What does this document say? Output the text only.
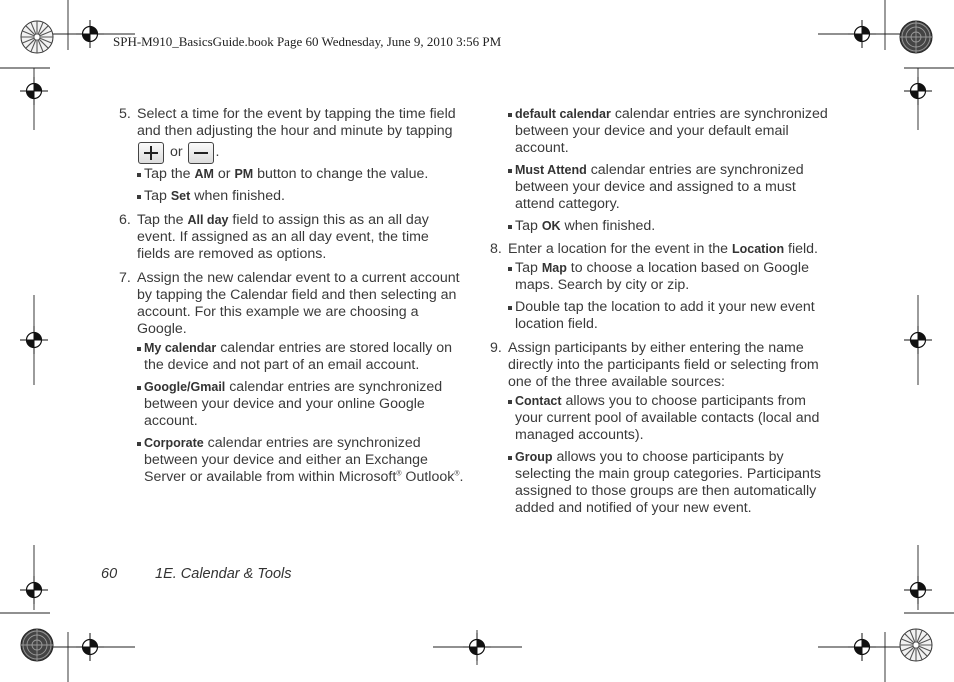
SPH-M910_BasicsGuide.book Page 60 Wednesday, June 9, 2010 3:56 PM
5. Select a time for the event by tapping the time field and then adjusting the hour and minute by tapping

or
.
Tap the AM or PM button to change the value.
Tap Set when finished.
6. Tap the All day field to assign this as an all day event. If assigned as an all day event, the time fields are removed as options.
7. Assign the new calendar event to a current account by tapping the Calendar field and then selecting an account. For this example we are choosing a Google.
My calendar calendar entries are stored locally on the device and not part of an email account.
Google/Gmail calendar entries are synchronized between your device and your online Google account.
Corporate calendar entries are synchronized between your device and either an Exchange Server or available from within Microsoft® Outlook®.
default calendar calendar entries are synchronized between your device and your default email account.
Must Attend calendar entries are synchronized between your device and assigned to a must attend cattegory.
Tap OK when finished.
8. Enter a location for the event in the Location field.
Tap Map to choose a location based on Google maps. Search by city or zip.
Double tap the location to add it your new event location field.
9. Assign participants by either entering the name directly into the participants field or selecting from one of the three available sources:
Contact allows you to choose participants from your current pool of available contacts (local and managed accounts).
Group allows you to choose participants by selecting the main group categories. Participants assigned to those groups are then automatically added and notified of your new event.
60	1E. Calendar & Tools
